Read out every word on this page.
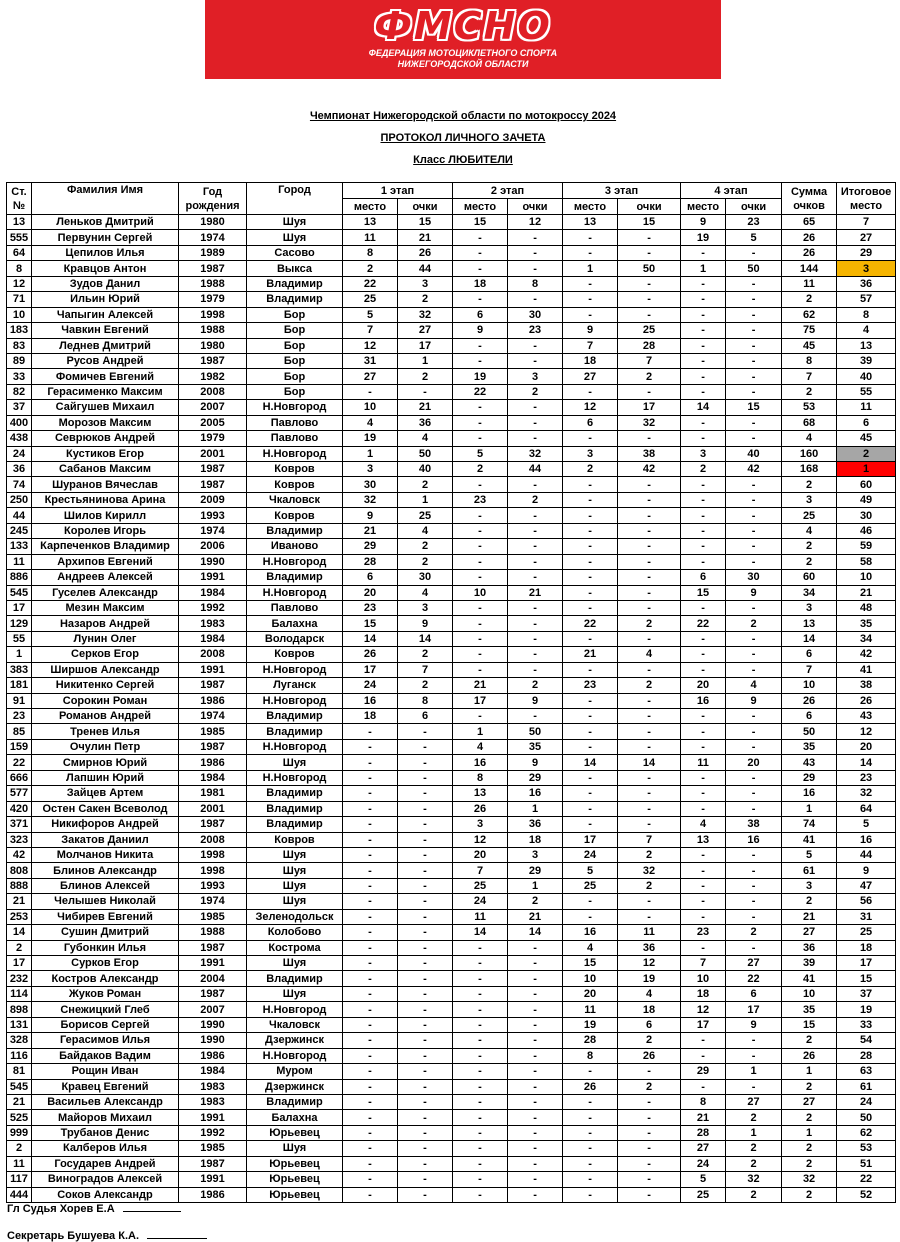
ФМСНО
ФЕДЕРАЦИЯ МОТОЦИКЛЕТНОГО СПОРТА
НИЖЕГОРОДСКОЙ ОБЛАСТИ
Чемпионат Нижегородской области по мотокроссу 2024
ПРОТОКОЛ ЛИЧНОГО ЗАЧЕТА
Класс ЛЮБИТЕЛИ
Ст. №	Фамилия Имя	Год рождения	Город	1 этап		2 этап		3 этап		4 этап		Сумма очков	Итоговое место
				место	очки	место	очки	место	очки	место	очки		
13	Леньков Дмитрий	1980	Шуя	13	15	15	12	13	15	9	23	65	7
555	Первунин Сергей	1974	Шуя	11	21	-	-	-	-	19	5	26	27
64	Цепилов Илья	1989	Сасово	8	26	-	-	-	-	-	-	26	29
8	Кравцов Антон	1987	Выкса	2	44	-	-	1	50	1	50	144	3
12	Зудов Данил	1988	Владимир	22	3	18	8	-	-	-	-	11	36
71	Ильин Юрий	1979	Владимир	25	2	-	-	-	-	-	-	2	57
10	Чапыгин Алексей	1998	Бор	5	32	6	30	-	-	-	-	62	8
183	Чавкин Евгений	1988	Бор	7	27	9	23	9	25	-	-	75	4
83	Леднев Дмитрий	1980	Бор	12	17	-	-	7	28	-	-	45	13
89	Русов Андрей	1987	Бор	31	1	-	-	18	7	-	-	8	39
33	Фомичев Евгений	1982	Бор	27	2	19	3	27	2	-	-	7	40
82	Герасименко Максим	2008	Бор	-	-	22	2	-	-	-	-	2	55
37	Сайгушев Михаил	2007	Н.Новгород	10	21	-	-	12	17	14	15	53	11
400	Морозов Максим	2005	Павлово	4	36	-	-	6	32	-	-	68	6
438	Севрюков Андрей	1979	Павлово	19	4	-	-	-	-	-	-	4	45
24	Кустиков Егор	2001	Н.Новгород	1	50	5	32	3	38	3	40	160	2
36	Сабанов Максим	1987	Ковров	3	40	2	44	2	42	2	42	168	1
74	Шуранов Вячеслав	1987	Ковров	30	2	-	-	-	-	-	-	2	60
250	Крестьянинова Арина	2009	Чкаловск	32	1	23	2	-	-	-	-	3	49
44	Шилов Кирилл	1993	Ковров	9	25	-	-	-	-	-	-	25	30
245	Королев Игорь	1974	Владимир	21	4	-	-	-	-	-	-	4	46
133	Карпеченков Владимир	2006	Иваново	29	2	-	-	-	-	-	-	2	59
11	Архипов Евгений	1990	Н.Новгород	28	2	-	-	-	-	-	-	2	58
886	Андреев Алексей	1991	Владимир	6	30	-	-	-	-	6	30	60	10
545	Гуселев Александр	1984	Н.Новгород	20	4	10	21	-	-	15	9	34	21
17	Мезин Максим	1992	Павлово	23	3	-	-	-	-	-	-	3	48
129	Назаров Андрей	1983	Балахна	15	9	-	-	22	2	22	2	13	35
55	Лунин Олег	1984	Володарск	14	14	-	-	-	-	-	-	14	34
1	Серков Егор	2008	Ковров	26	2	-	-	21	4	-	-	6	42
383	Ширшов Александр	1991	Н.Новгород	17	7	-	-	-	-	-	-	7	41
181	Никитенко Сергей	1987	Луганск	24	2	21	2	23	2	20	4	10	38
91	Сорокин Роман	1986	Н.Новгород	16	8	17	9	-	-	16	9	26	26
23	Романов Андрей	1974	Владимир	18	6	-	-	-	-	-	-	6	43
85	Тренев Илья	1985	Владимир	-	-	1	50	-	-	-	-	50	12
159	Очулин Петр	1987	Н.Новгород	-	-	4	35	-	-	-	-	35	20
22	Смирнов Юрий	1986	Шуя	-	-	16	9	14	14	11	20	43	14
666	Лапшин Юрий	1984	Н.Новгород	-	-	8	29	-	-	-	-	29	23
577	Зайцев Артем	1981	Владимир	-	-	13	16	-	-	-	-	16	32
420	Остен Сакен Всеволод	2001	Владимир	-	-	26	1	-	-	-	-	1	64
371	Никифоров Андрей	1987	Владимир	-	-	3	36	-	-	4	38	74	5
323	Закатов Даниил	2008	Ковров	-	-	12	18	17	7	13	16	41	16
42	Молчанов Никита	1998	Шуя	-	-	20	3	24	2	-	-	5	44
808	Блинов Александр	1998	Шуя	-	-	7	29	5	32	-	-	61	9
888	Блинов Алексей	1993	Шуя	-	-	25	1	25	2	-	-	3	47
21	Челышев Николай	1974	Шуя	-	-	24	2	-	-	-	-	2	56
253	Чибирев Евгений	1985	Зеленодольск	-	-	11	21	-	-	-	-	21	31
14	Сушин Дмитрий	1988	Колобово	-	-	14	14	16	11	23	2	27	25
2	Губонкин Илья	1987	Кострома	-	-	-	-	4	36	-	-	36	18
17	Сурков Егор	1991	Шуя	-	-	-	-	15	12	7	27	39	17
232	Костров Александр	2004	Владимир	-	-	-	-	10	19	10	22	41	15
114	Жуков Роман	1987	Шуя	-	-	-	-	20	4	18	6	10	37
898	Снежицкий Глеб	2007	Н.Новгород	-	-	-	-	11	18	12	17	35	19
131	Борисов Сергей	1990	Чкаловск	-	-	-	-	19	6	17	9	15	33
328	Герасимов Илья	1990	Дзержинск	-	-	-	-	28	2	-	-	2	54
116	Байдаков Вадим	1986	Н.Новгород	-	-	-	-	8	26	-	-	26	28
81	Рощин Иван	1984	Муром	-	-	-	-	-	-	29	1	1	63
545	Кравец Евгений	1983	Дзержинск	-	-	-	-	26	2	-	-	2	61
21	Васильев Александр	1983	Владимир	-	-	-	-	-	-	8	27	27	24
525	Майоров Михаил	1991	Балахна	-	-	-	-	-	-	21	2	2	50
999	Трубанов Денис	1992	Юрьевец	-	-	-	-	-	-	28	1	1	62
2	Калберов Илья	1985	Шуя	-	-	-	-	-	-	27	2	2	53
11	Государев Андрей	1987	Юрьевец	-	-	-	-	-	-	24	2	2	51
117	Виноградов Алексей	1991	Юрьевец	-	-	-	-	-	-	5	32	32	22
444	Соков Александр	1986	Юрьевец	-	-	-	-	-	-	25	2	2	52
Гл Судья Хорев Е.А
Секретарь Бушуева К.А.
